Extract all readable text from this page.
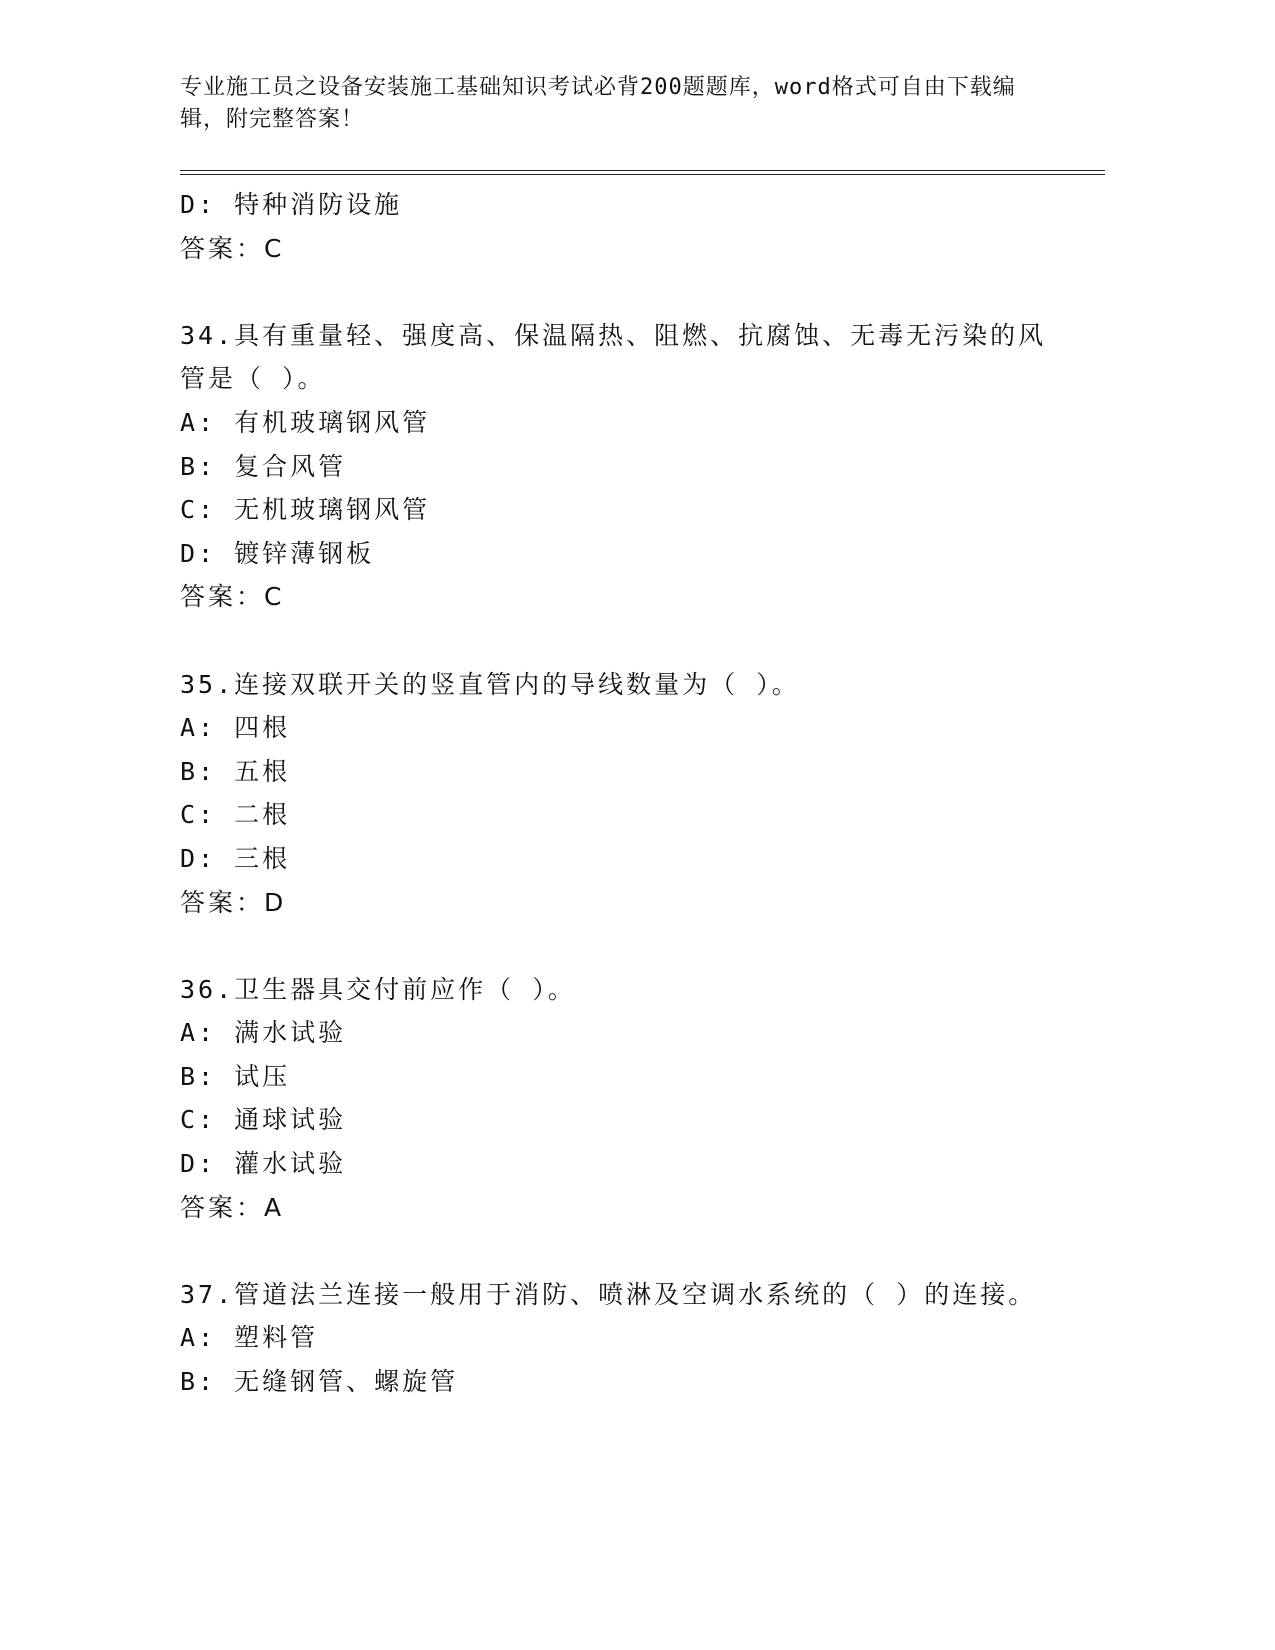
专业施工员之设备安装施工基础知识考试必背200题题库，word格式可自由下载编辑，附完整答案！
D: 特种消防设施
答案：C
34.具有重量轻、强度高、保温隔热、阻燃、抗腐蚀、无毒无污染的风
管是（ ）。
A: 有机玻璃钢风管
B: 复合风管
C: 无机玻璃钢风管
D: 镀锌薄钢板
答案：C
35.连接双联开关的竖直管内的导线数量为（ ）。
A: 四根
B: 五根
C: 二根
D: 三根
答案：D
36.卫生器具交付前应作（ ）。
A: 满水试验
B: 试压
C: 通球试验
D: 灌水试验
答案：A
37.管道法兰连接一般用于消防、喷淋及空调水系统的（ ）的连接。
A: 塑料管
B: 无缝钢管、螺旋管
